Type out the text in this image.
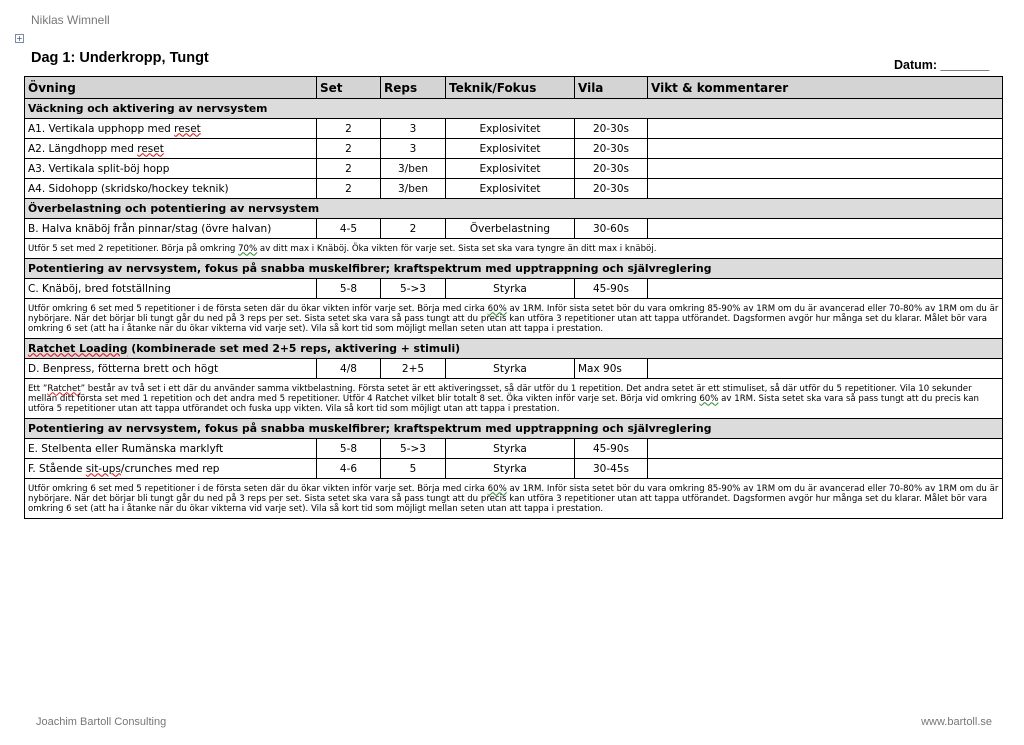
Niklas Wimnell
+
Dag 1: Underkropp, Tungt	Datum: _______
Övning	Set	Reps	Teknik/Fokus	Vila	Vikt & kommentarer
Väckning och aktivering av nervsystem					
A1. Vertikala upphopp med reset	2	3	Explosivitet	20-30s	
A2. Längdhopp med reset	2	3	Explosivitet	20-30s	
A3. Vertikala split-böj hopp	2	3/ben	Explosivitet	20-30s	
A4. Sidohopp (skridsko/hockey teknik)	2	3/ben	Explosivitet	20-30s	
Överbelastning och potentiering av nervsystem					
B. Halva knäböj från pinnar/stag (övre halvan)	4-5	2	Överbelastning	30-60s	
Utför 5 set med 2 repetitioner. Börja på omkring 70% av ditt max i Knäböj. Öka vikten för varje set. Sista set ska vara tyngre än ditt max i knäböj.					
Potentiering av nervsystem, fokus på snabba muskelfibrer; kraftspektrum med upptrappning och självreglering					
C. Knäböj, bred fotställning	5-8	5->3	Styrka	45-90s	
Utför omkring 6 set med 5 repetitioner i de första seten där du ökar vikten inför varje set. Börja med cirka 60% av 1RM. Inför sista setet bör du vara omkring 85-90% av 1RM om du är avancerad eller 70-80% av 1RM om du är nybörjare. När det börjar bli tungt går du ned på 3 reps per set. Sista setet ska vara så pass tungt att du precis kan utföra 3 repetitioner utan att tappa utförandet. Dagsformen avgör hur många set du klarar. Målet bör vara omkring 6 set (att ha i åtanke när du ökar vikterna vid varje set). Vila så kort tid som möjligt mellan seten utan att tappa i prestation.					
Ratchet Loading (kombinerade set med 2+5 reps, aktivering + stimuli)					
D. Benpress, fötterna brett och högt	4/8	2+5	Styrka	Max 90s	
Ett ”Ratchet” består av två set i ett där du använder samma viktbelastning. Första setet är ett aktiveringsset, så där utför du 1 repetition. Det andra setet är ett stimuliset, så där utför du 5 repetitioner. Vila 10 sekunder mellan ditt första set med 1 repetition och det andra med 5 repetitioner. Utför 4 Ratchet vilket blir totalt 8 set. Öka vikten inför varje set. Börja vid omkring 60% av 1RM. Sista setet ska vara så pass tungt att du precis kan utföra 5 repetitioner utan att tappa utförandet och fuska upp vikten. Vila så kort tid som möjligt utan att tappa i prestation.					
Potentiering av nervsystem, fokus på snabba muskelfibrer; kraftspektrum med upptrappning och självreglering					
E. Stelbenta eller Rumänska marklyft	5-8	5->3	Styrka	45-90s	
F. Stående sit-ups/crunches med rep	4-6	5	Styrka	30-45s	
Utför omkring 6 set med 5 repetitioner i de första seten där du ökar vikten inför varje set. Börja med cirka 60% av 1RM. Inför sista setet bör du vara omkring 85-90% av 1RM om du är avancerad eller 70-80% av 1RM om du är nybörjare. När det börjar bli tungt går du ned på 3 reps per set. Sista setet ska vara så pass tungt att du precis kan utföra 3 repetitioner utan att tappa utförandet. Dagsformen avgör hur många set du klarar. Målet bör vara omkring 6 set (att ha i åtanke när du ökar vikterna vid varje set). Vila så kort tid som möjligt mellan seten utan att tappa i prestation.					
Joachim Bartoll Consulting	www.bartoll.se
